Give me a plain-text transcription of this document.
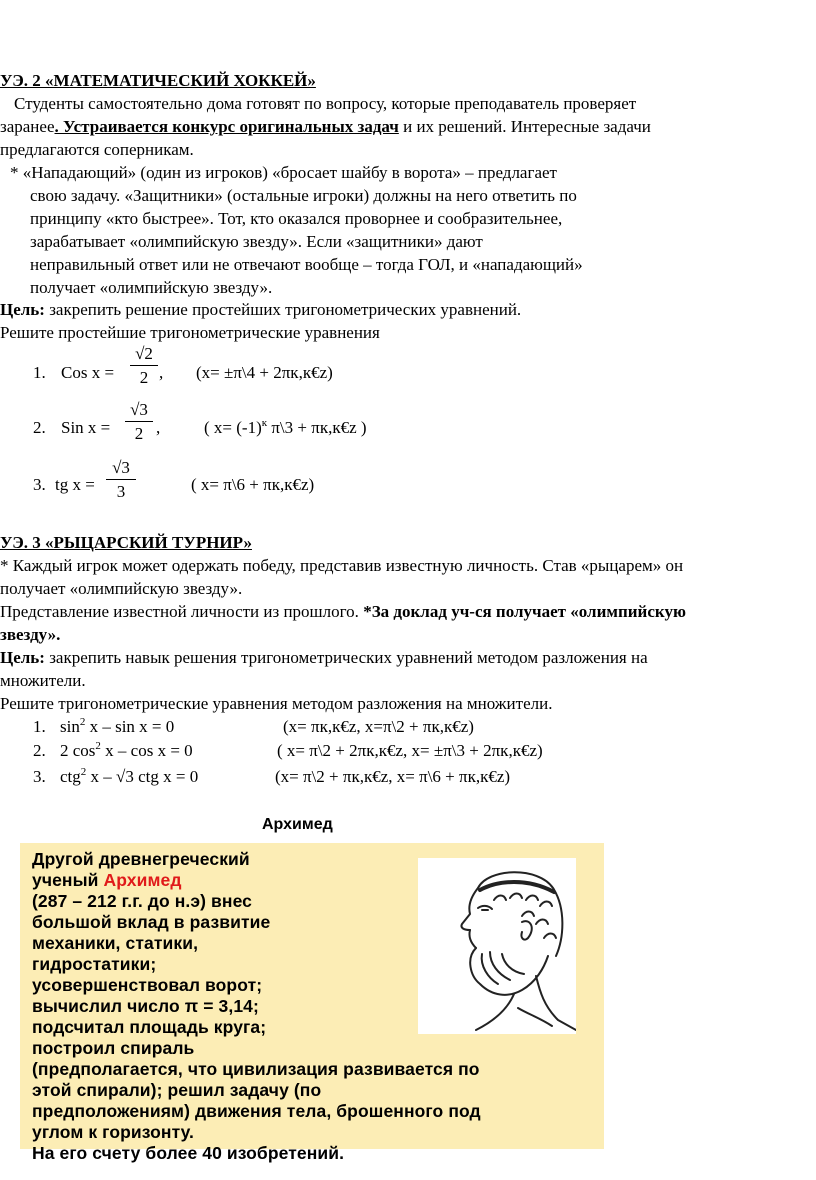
УЭ. 2 «МАТЕМАТИЧЕСКИЙ ХОККЕЙ»
Студенты самостоятельно дома готовят по вопросу, которые преподаватель проверяет
заранее. Устраивается конкурс оригинальных задач и их решений. Интересные задачи
предлагаются соперникам.
* «Нападающий» (один из игроков) «бросает шайбу в ворота» – предлагает
свою задачу. «Защитники» (остальные игроки) должны на него ответить по
принципу «кто быстрее». Тот, кто оказался проворнее и сообразительнее,
зарабатывает «олимпийскую звезду». Если «защитники» дают
неправильный ответ или не отвечают вообще – тогда ГОЛ, и «нападающий»
получает «олимпийскую звезду».
Цель: закрепить решение простейших тригонометрических уравнений.
Решите простейшие тригонометрические уравнения
1. Cos $x = \frac{√2}{2}$ , (x= ±π\4 + 2πк,к€z)
2. Sin $x = \frac{√3}{2}$ ,	( $x= (-1)^к$ π\3 + πк,к€z )
3. tg $x = \frac{√3}{3}$	( x= π\6 + πк,к€z)
УЭ. 3 «РЫЦАРСКИЙ ТУРНИР»
* Каждый игрок может одержать победу, представив известную личность. Став «рыцарем» он
получает «олимпийскую звезду».
Представление известной личности из прошлого. *За доклад уч-ся получает «олимпийскую
звезду».
Цель: закрепить навык решения тригонометрических уравнений методом разложения на
множители.
Решите тригонометрические уравнения методом разложения на множители.
1. $\sin^2 x - \sin x = 0$	(x= πк,к€z, x=π\2 + πк,к€z)
2. 2 $\cos^2 x - \cos x = 0$	( x= π\2 + 2πк,к€z, x= ±π\3 + 2πк,к€z)
3. ctg$^2$ x – √3 ctg x = 0	(x= π\2 + πк,к€z, x= π\6 + πк,к€z)
Архимед
Другой древнегреческий
ученый Архимед
(287 – 212 г.г. до н.э) внес
большой вклад в развитие
механики, статики,
гидростатики;
усовершенствовал ворот;
вычислил число π = 3,14;
подсчитал площадь круга;
построил спираль
(предполагается, что цивилизация развивается по
этой спирали); решил задачу (по
предположениям) движения тела, брошенного под
углом к горизонту.
На его счету более 40 изобретений.
